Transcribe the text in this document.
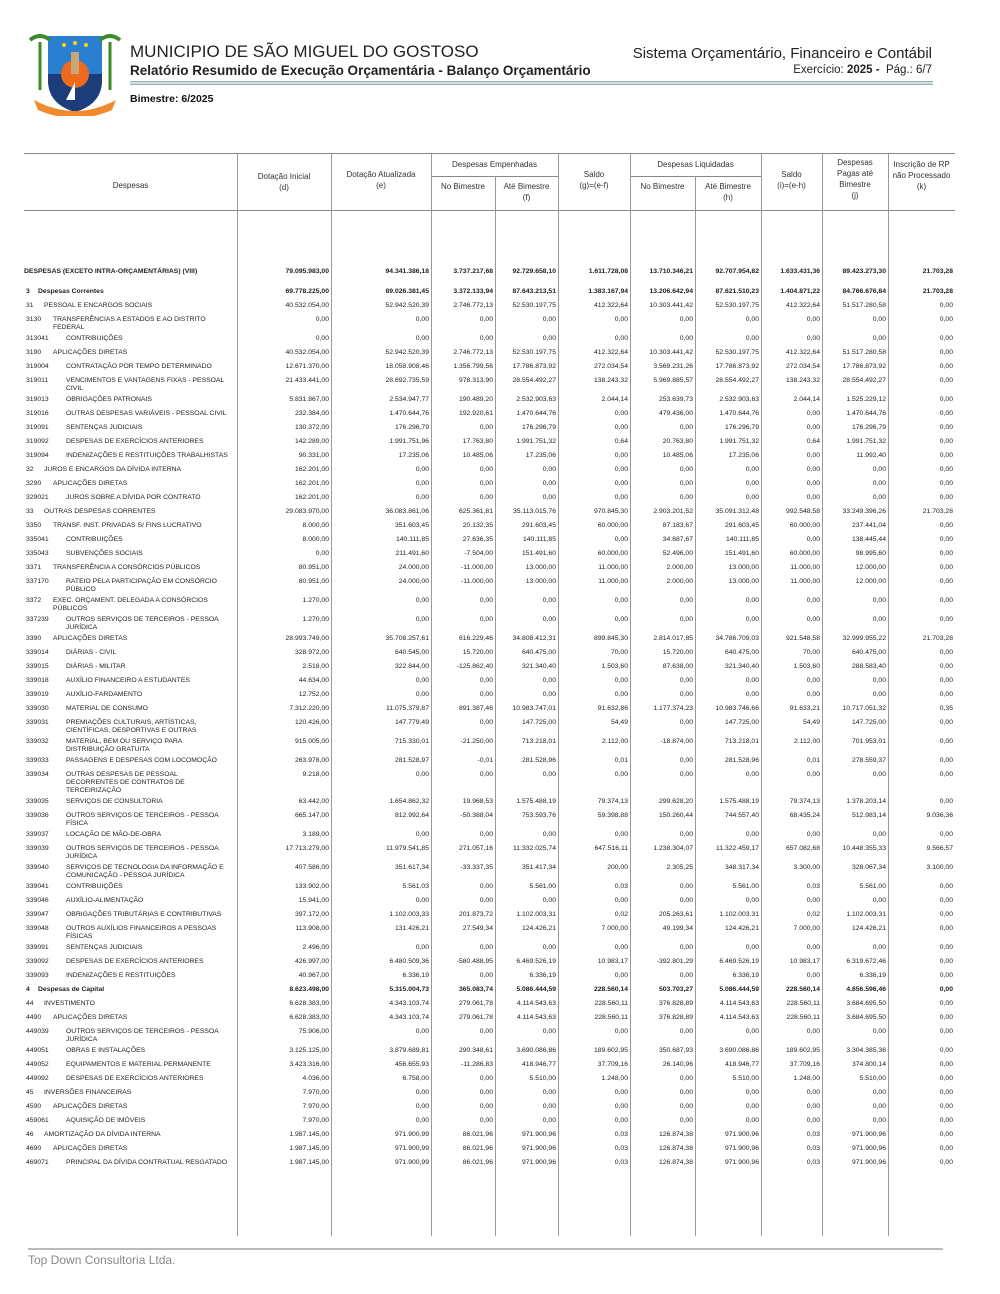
MUNICIPIO DE SÃO MIGUEL DO GOSTOSO
Relatório Resumido de Execução Orçamentária - Balanço Orçamentário
Sistema Orçamentário, Financeiro e Contábil
Exercício: 2025 - Pág.: 6/7
Bimestre: 6/2025
Despesas
Dotação Inicial
(d)
Dotação Atualizada
(e)
Despesas Empenhadas
No Bimestre	Até Bimestre
(f)
Saldo
(g)=(e-f)
Despesas Liquidadas
No Bimestre	Até Bimestre
(h)
Saldo
(i)=(e-h)
Despesas Pagas até Bimestre
(j)
Inscrição de RP não Processado
(k)
DESPESAS (EXCETO INTRA-ORÇAMENTÁRIAS) (VIII)	79.095.983,00	94.341.386,18	3.737.217,68	92.729.658,10	1.611.728,08	13.710.346,21	92.707.954,82	1.633.431,36	89.423.273,30	21.703,28
3	Despesas Correntes	69.778.225,00	89.026.381,45	3.372.133,94	87.643.213,51	1.383.167,94	13.206.642,94	87.621.510,23	1.404.871,22	84.766.676,84	21.703,28
31	PESSOAL E ENCARGOS SOCIAIS	40.532.054,00	52.942.520,39	2.746.772,13	52.530.197,75	412.322,64	10.303.441,42	52.530.197,75	412.322,64	51.517.280,58	0,00
3130	TRANSFERÊNCIAS A ESTADOS E AO DISTRITO FEDERAL
0,00	0,00	0,00	0,00	0,00	0,00	0,00	0,00	0,00	0,00
313041	CONTRIBUIÇÕES	0,00	0,00	0,00	0,00	0,00	0,00	0,00	0,00	0,00	0,00
3190	APLICAÇÕES DIRETAS	40.532.054,00	52.942.520,39	2.746.772,13	52.530.197,75	412.322,64	10.303.441,42	52.530.197,75	412.322,64	51.517.280,58	0,00
319004	CONTRATAÇÃO POR TEMPO DETERMINADO	12.671.370,00	18.058.908,46	1.356.799,56	17.786.873,92	272.034,54	3.569.231,26	17.786.873,92	272.034,54	17.786.873,92	0,00
319011	VENCIMENTOS E VANTAGENS FIXAS - PESSOAL CIVIL
21.433.441,00	28.692.735,59	978.313,90	28.554.492,27	138.243,32	5.969.885,57	28.554.492,27	138.243,32	28.554.492,27	0,00
319013	OBRIGAÇÕES PATRONAIS	5.831.867,00	2.534.947,77	190.489,20	2.532.903,63	2.044,14	253.639,73	2.532.903,63	2.044,14	1.525.229,12	0,00
319016	OUTRAS DESPESAS VARIÁVEIS - PESSOAL CIVIL	232.384,00	1.470.644,76	192.920,61	1.470.644,76	0,00	479.436,00	1.470.644,76	0,00	1.470.644,76	0,00
319091	SENTENÇAS JUDICIAIS	130.372,00	176.296,79	0,00	176.296,79	0,00	0,00	176.296,79	0,00	176.296,79	0,00
319092	DESPESAS DE EXERCÍCIOS ANTERIORES	142.289,00	1.991.751,96	17.763,80	1.991.751,32	0,64	20.763,80	1.991.751,32	0,64	1.991.751,32	0,00
319094	INDENIZAÇÕES E RESTITUIÇÕES TRABALHISTAS	90.331,00	17.235,06	10.485,06	17.235,06	0,00	10.485,06	17.235,06	0,00	11.992,40	0,00
32	JUROS E ENCARGOS DA DÍVIDA INTERNA	162.201,00	0,00	0,00	0,00	0,00	0,00	0,00	0,00	0,00	0,00
3290	APLICAÇÕES DIRETAS	162.201,00	0,00	0,00	0,00	0,00	0,00	0,00	0,00	0,00	0,00
329021	JUROS SOBRE A DÍVIDA POR CONTRATO	162.201,00	0,00	0,00	0,00	0,00	0,00	0,00	0,00	0,00	0,00
33	OUTRAS DESPESAS CORRENTES	29.083.970,00	36.083.861,06	625.361,81	35.113.015,76	970.845,30	2.903.201,52	35.091.312,48	992.548,58	33.249.396,26	21.703,28
3350	TRANSF. INST. PRIVADAS S/ FINS LUCRATIVO	8.000,00	351.603,45	20.132,35	291.603,45	60.000,00	87.183,67	291.603,45	60.000,00	237.441,04	0,00
335041	CONTRIBUIÇÕES	8.000,00	140.111,85	27.636,35	140.111,85	0,00	34.687,67	140.111,85	0,00	138.445,44	0,00
335043	SUBVENÇÕES SOCIAIS	0,00	211.491,60	-7.504,00	151.491,60	60.000,00	52.496,00	151.491,60	60.000,00	98.995,60	0,00
3371	TRANSFERÊNCIA A CONSÓRCIOS PÚBLICOS	80.951,00	24.000,00	-11.000,00	13.000,00	11.000,00	2.000,00	13.000,00	11.000,00	12.000,00	0,00
337170	RATEIO PELA PARTICIPAÇÃO EM CONSÓRCIO PÚBLICO
80.951,00	24.000,00	-11.000,00	13.000,00	11.000,00	2.000,00	13.000,00	11.000,00	12.000,00	0,00
3372	EXEC. ORÇAMENT. DELEGADA A CONSÓRCIOS PÚBLICOS
1.270,00	0,00	0,00	0,00	0,00	0,00	0,00	0,00	0,00	0,00
337239	OUTROS SERVIÇOS DE TERCEIROS - PESSOA JURÍDICA
1.270,00	0,00	0,00	0,00	0,00	0,00	0,00	0,00	0,00	0,00
3390	APLICAÇÕES DIRETAS	28.993.749,00	35.708.257,61	616.229,46	34.808.412,31	899.845,30	2.814.017,85	34.786.709,03	921.548,58	32.999.955,22	21.703,28
339014	DIÁRIAS - CIVIL	328.972,00	640.545,00	15.720,00	640.475,00	70,00	15.720,00	640.475,00	70,00	640.475,00	0,00
339015	DIÁRIAS - MILITAR	2.518,00	322.844,00	-125.862,40	321.340,40	1.503,60	87.638,00	321.340,40	1.503,60	288.583,40	0,00
339018	AUXÍLIO FINANCEIRO A ESTUDANTES	44.634,00	0,00	0,00	0,00	0,00	0,00	0,00	0,00	0,00	0,00
339019	AUXÍLIO-FARDAMENTO	12.752,00	0,00	0,00	0,00	0,00	0,00	0,00	0,00	0,00	0,00
339030	MATERIAL DE CONSUMO	7.312.220,00	11.075.379,87	891.387,46	10.983.747,01	91.632,86	1.177.374,23	10.983.746,66	91.633,21	10.717.051,32	0,35
339031	PREMIAÇÕES CULTURAIS, ARTÍSTICAS, CIENTÍFICAS, DESPORTIVAS E OUTRAS
120.426,00	147.779,49	0,00	147.725,00	54,49	0,00	147.725,00	54,49	147.725,00	0,00
339032	MATERIAL, BEM OU SERVIÇO PARA DISTRIBUIÇÃO GRATUITA
915.005,00	715.330,01	-21.250,00	713.218,01	2.112,00	-18.874,00	713.218,01	2.112,00	701.953,01	0,00
339033	PASSAGENS E DESPESAS COM LOCOMOÇÃO	263.978,00	281.528,97	-0,01	281.528,96	0,01	0,00	281.528,96	0,01	278.559,37	0,00
339034	OUTRAS DESPESAS DE PESSOAL DECORRENTES DE CONTRATOS DE TERCEIRIZAÇÃO
9.218,00	0,00	0,00	0,00	0,00	0,00	0,00	0,00	0,00	0,00
339035	SERVIÇOS DE CONSULTORIA	63.442,00	1.654.862,32	19.968,53	1.575.488,19	79.374,13	299.628,20	1.575.488,19	79.374,13	1.378.203,14	0,00
339036	OUTROS SERVIÇOS DE TERCEIROS - PESSOA FÍSICA
665.147,00	812.992,64	-50.388,04	753.593,76	59.398,88	150.260,44	744.557,40	68.435,24	512.983,14	9.036,36
339037	LOCAÇÃO DE MÃO-DE-OBRA	3.189,00	0,00	0,00	0,00	0,00	0,00	0,00	0,00	0,00	0,00
339039	OUTROS SERVIÇOS DE TERCEIROS - PESSOA JURÍDICA
17.713.279,00	11.979.541,85	271.057,16	11.332.025,74	647.516,11	1.238.304,07	11.322.459,17	657.082,68	10.448.355,33	9.566,57
339040	SERVIÇOS DE TECNOLOGIA DA INFORMAÇÃO E COMUNICAÇÃO - PESSOA JURÍDICA
407.586,00	351.617,34	-33.337,35	351.417,34	200,00	2.305,25	348.317,34	3.300,00	328.067,34	3.100,00
339041	CONTRIBUIÇÕES	133.902,00	5.561,03	0,00	5.561,00	0,03	0,00	5.561,00	0,03	5.561,00	0,00
339046	AUXÍLIO-ALIMENTAÇÃO	15.941,00	0,00	0,00	0,00	0,00	0,00	0,00	0,00	0,00	0,00
339047	OBRIGAÇÕES TRIBUTÁRIAS E CONTRIBUTIVAS	397.172,00	1.102.003,33	201.873,72	1.102.003,31	0,02	205.263,61	1.102.003,31	0,02	1.102.003,31	0,00
339048	OUTROS AUXÍLIOS FINANCEIROS A PESSOAS FÍSICAS
113.908,00	131.426,21	27.549,34	124.426,21	7.000,00	49.199,34	124.426,21	7.000,00	124.426,21	0,00
339091	SENTENÇAS JUDICIAIS	2.496,00	0,00	0,00	0,00	0,00	0,00	0,00	0,00	0,00	0,00
339092	DESPESAS DE EXERCÍCIOS ANTERIORES	426.997,00	6.480.509,36	-580.488,95	6.469.526,19	10.983,17	-392.801,29	6.469.526,19	10.983,17	6.319.672,46	0,00
339093	INDENIZAÇÕES E RESTITUIÇÕES	40.967,00	6.336,19	0,00	6.336,19	0,00	0,00	6.336,19	0,00	6.336,19	0,00
4	Despesas de Capital	8.623.498,00	5.315.004,73	365.083,74	5.086.444,59	228.560,14	503.703,27	5.086.444,59	228.560,14	4.656.596,46	0,00
44	INVESTIMENTO	6.628.383,00	4.343.103,74	279.061,78	4.114.543,63	228.560,11	376.828,89	4.114.543,63	228.560,11	3.684.695,50	0,00
4490	APLICAÇÕES DIRETAS	6.628.383,00	4.343.103,74	279.061,78	4.114.543,63	228.560,11	376.828,89	4.114.543,63	228.560,11	3.684.695,50	0,00
449039	OUTROS SERVIÇOS DE TERCEIROS - PESSOA JURÍDICA
75.906,00	0,00	0,00	0,00	0,00	0,00	0,00	0,00	0,00	0,00
449051	OBRAS E INSTALAÇÕES	3.125.125,00	3.879.689,81	290.348,61	3.690.086,86	189.602,95	350.687,93	3.690.086,86	189.602,95	3.304.385,36	0,00
449052	EQUIPAMENTOS E MATERIAL PERMANENTE	3.423.316,00	456.655,93	-11.286,83	418.946,77	37.709,16	26.140,96	418.946,77	37.709,16	374.800,14	0,00
449092	DESPESAS DE EXERCÍCIOS ANTERIORES	4.036,00	6.758,00	0,00	5.510,00	1.248,00	0,00	5.510,00	1.248,00	5.510,00	0,00
45	INVERSÕES FINANCEIRAS	7.970,00	0,00	0,00	0,00	0,00	0,00	0,00	0,00	0,00	0,00
4590	APLICAÇÕES DIRETAS	7.970,00	0,00	0,00	0,00	0,00	0,00	0,00	0,00	0,00	0,00
459061	AQUISIÇÃO DE IMÓVEIS	7.970,00	0,00	0,00	0,00	0,00	0,00	0,00	0,00	0,00	0,00
46	AMORTIZAÇÃO DA DÍVIDA INTERNA	1.987.145,00	971.900,99	86.021,96	971.900,96	0,03	126.874,38	971.900,96	0,03	971.900,96	0,00
4690	APLICAÇÕES DIRETAS	1.987.145,00	971.900,99	86.021,96	971.900,96	0,03	126.874,38	971.900,96	0,03	971.900,96	0,00
469071	PRINCIPAL DA DÍVIDA CONTRATUAL RESGATADO	1.987.145,00	971.900,99	86.021,96	971.900,96	0,03	126.874,38	971.900,96	0,03	971.900,96	0,00
Top Down Consultoria Ltda.
